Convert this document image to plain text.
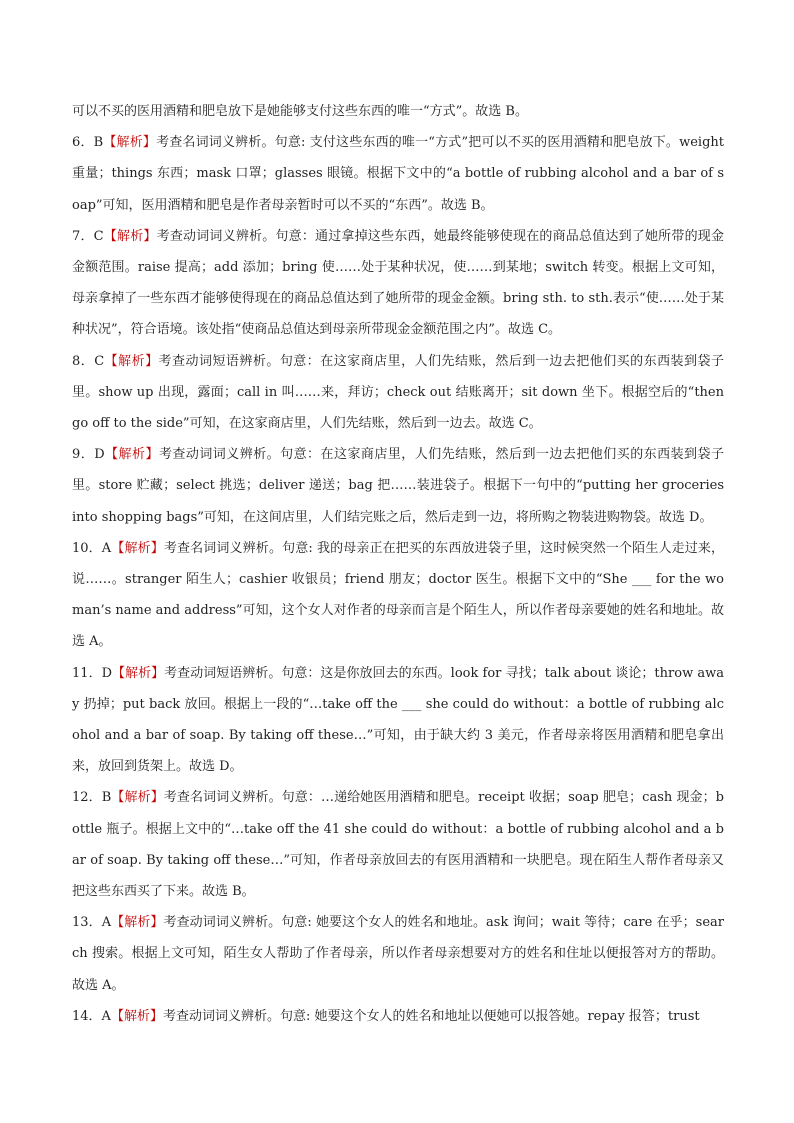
可以不买的医用酒精和肥皂放下是她能够支付这些东西的唯一“方式”。故选 B。

6．B【解析】考查名词词义辨析。句意: 支付这些东西的唯一“方式”把可以不买的医用酒精和肥皂放下。weight 重量；things 东西；mask 口罩；glasses 眼镜。根据下文中的“a bottle of rubbing alcohol and a bar of soap”可知，医用酒精和肥皂是作者母亲暂时可以不买的“东西”。故选 B。

7．C【解析】考查动词词义辨析。句意：通过拿掉这些东西，她最终能够使现在的商品总值达到了她所带的现金金额范围。raise 提高；add 添加；bring 使……处于某种状况，使……到某地；switch 转变。根据上文可知，母亲拿掉了一些东西才能够使得现在的商品总值达到了她所带的现金金额。bring sth. to sth.表示“使……处于某种状况”，符合语境。该处指“使商品总值达到母亲所带现金金额范围之内”。故选 C。

8．C【解析】考查动词短语辨析。句意：在这家商店里，人们先结账，然后到一边去把他们买的东西装到袋子里。show up 出现，露面；call in 叫……来，拜访；check out 结账离开；sit down 坐下。根据空后的“then go off to the side”可知，在这家商店里，人们先结账，然后到一边去。故选 C。

9．D【解析】考查动词词义辨析。句意：在这家商店里，人们先结账，然后到一边去把他们买的东西装到袋子里。store 贮藏；select 挑选；deliver 递送；bag 把……装进袋子。根据下一句中的“putting her groceries into shopping bags”可知，在这间店里，人们结完账之后，然后走到一边，将所购之物装进购物袋。故选 D。

10．A【解析】考查名词词义辨析。句意: 我的母亲正在把买的东西放进袋子里，这时候突然一个陌生人走过来，说……。stranger 陌生人；cashier 收银员；friend 朋友；doctor 医生。根据下文中的“She ___ for the woman’s name and address”可知，这个女人对作者的母亲而言是个陌生人，所以作者母亲要她的姓名和地址。故选 A。

11．D【解析】考查动词短语辨析。句意：这是你放回去的东西。look for 寻找；talk about 谈论；throw away 扔掉；put back 放回。根据上一段的“…take off the ___ she could do without：a bottle of rubbing alcohol and a bar of soap. By taking off these…”可知，由于缺大约 3 美元，作者母亲将医用酒精和肥皂拿出来，放回到货架上。故选 D。

12．B【解析】考查名词词义辨析。句意：…递给她医用酒精和肥皂。receipt 收据；soap 肥皂；cash 现金；bottle 瓶子。根据上文中的“…take off the 41 she could do without：a bottle of rubbing alcohol and a bar of soap. By taking off these…”可知，作者母亲放回去的有医用酒精和一块肥皂。现在陌生人帮作者母亲又把这些东西买了下来。故选 B。

13．A【解析】考查动词词义辨析。句意: 她要这个女人的姓名和地址。ask 询问；wait 等待；care 在乎；search 搜索。根据上文可知，陌生女人帮助了作者母亲，所以作者母亲想要对方的姓名和住址以便报答对方的帮助。故选 A。

14．A【解析】考查动词词义辨析。句意: 她要这个女人的姓名和地址以便她可以报答她。repay 报答；trust
